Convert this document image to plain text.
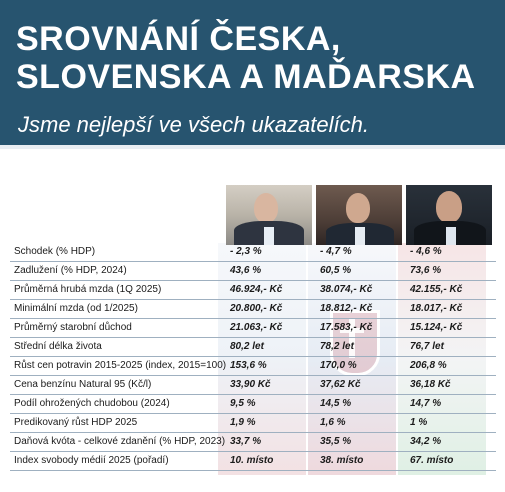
SROVNÁNÍ ČESKA,
SLOVENSKA A MAĎARSKA
Jsme nejlepší ve všech ukazatelích.
Schodek (% HDP)	- 2,3 %	- 4,7 %	- 4,6 %
Zadlužení (% HDP, 2024)	43,6 %	60,5 %	73,6 %
Průměrná hrubá mzda (1Q 2025)	46.924,- Kč	38.074,- Kč	42.155,- Kč
Minimální mzda (od 1/2025)	20.800,- Kč	18.812,- Kč	18.017,- Kč
Průměrný starobní důchod	21.063,- Kč	17.583,- Kč	15.124,- Kč
Střední délka života	80,2 let	78,2 let	76,7 let
Růst cen potravin 2015-2025 (index, 2015=100) 153,6 %	170,0 %	206,8 %
Cena benzínu Natural 95 (Kč/l)	33,90 Kč	37,62 Kč	36,18 Kč
Podíl ohrožených chudobou (2024)	9,5 %	14,5 %	14,7 %
Predikovaný růst HDP 2025	1,9 %	1,6 %	1 %
Daňová kvóta - celkové zdanění (% HDP, 2023) 33,7 %	35,5 %	34,2 %
Index svobody médií 2025 (pořadí)	10. místo	38. místo	67. místo
